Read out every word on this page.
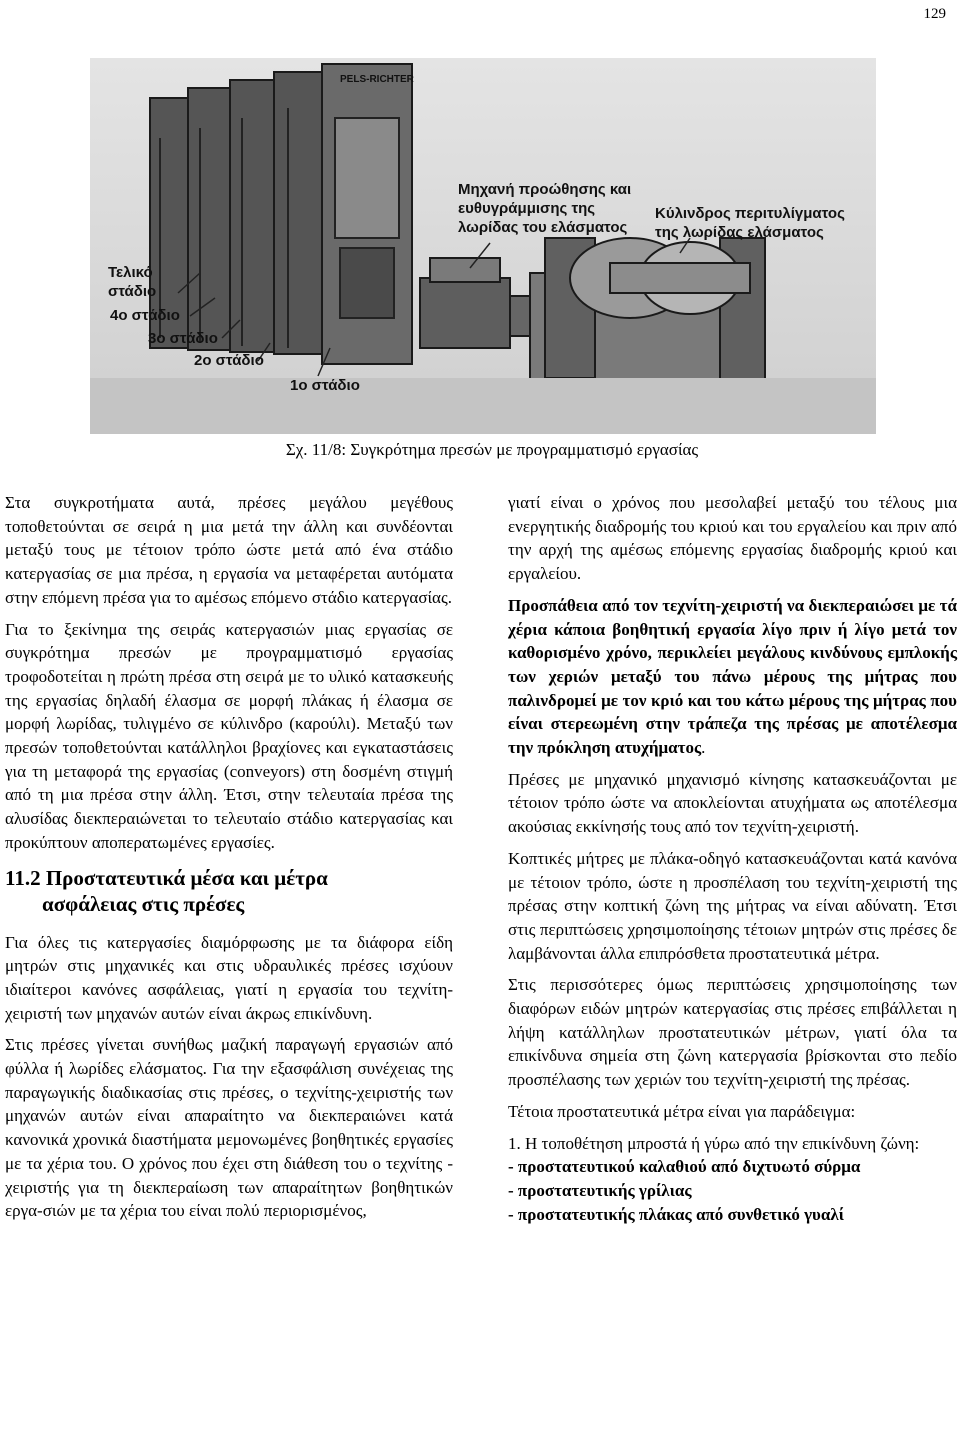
129
PELS-RICHTER
Τελικό
στάδιο
4ο στάδιο
3ο στάδιο
2ο στάδιο
1ο στάδιο
Μηχανή προώθησης και
ευθυγράμμισης της
λωρίδας του ελάσματος
Κύλινδρος περιτυλίγματος
της λωρίδας ελάσματος
Σχ. 11/8: Συγκρότημα πρεσών με προγραμματισμό εργασίας

Στα συγκροτήματα αυτά, πρέσες μεγάλου μεγέθους τοποθετούνται σε σειρά η μια μετά την άλλη και συνδέονται μεταξύ τους με τέτοιον τρόπο ώστε μετά από ένα στάδιο κατεργασίας σε μια πρέσα, η εργασία να μεταφέρεται αυτόματα στην επόμενη πρέσα για το αμέσως επόμενο στάδιο κατεργασίας.

Για το ξεκίνημα της σειράς κατεργασιών μιας εργασίας σε συγκρότημα πρεσών με προγραμματισμό εργασίας τροφοδοτείται η πρώτη πρέσα στη σειρά με το υλικό κατασκευής της εργασίας δηλαδή έλασμα σε μορφή πλάκας ή έλασμα σε μορφή λωρίδας, τυλιγμένο σε κύλινδρο (καρούλι). Μεταξύ των πρεσών τοποθετούνται κατάλληλοι βραχίονες και εγκαταστάσεις για τη μεταφορά της εργασίας (conveyors) στη δοσμένη στιγμή από τη μια πρέσα στην άλλη. Έτσι, στην τελευταία πρέσα της αλυσίδας διεκπεραιώνεται το τελευταίο στάδιο κατεργασίας και προκύπτουν αποπερατωμένες εργασίες.

11.2 Προστατευτικά μέσα και μέτρα
ασφάλειας στις πρέσες

Για όλες τις κατεργασίες διαμόρφωσης με τα διάφορα είδη μητρών στις μηχανικές και στις υδραυλικές πρέσες ισχύουν ιδιαίτεροι κανόνες ασφάλειας, γιατί η εργασία του τεχνίτη-χειριστή των μηχανών αυτών είναι άκρως επικίνδυνη.

Στις πρέσες γίνεται συνήθως μαζική παραγωγή εργασιών από φύλλα ή λωρίδες ελάσματος. Για την εξασφάλιση συνέχειας της παραγωγικής διαδικασίας στις πρέσες, ο τεχνίτης-χειριστής των μηχανών αυτών είναι απαραίτητο να διεκπεραιώνει κατά κανονικά χρονικά διαστήματα μεμονωμένες βοηθητικές εργασίες με τα χέρια του. Ο χρόνος που έχει στη διάθεση του ο τεχνίτης - χειριστής για τη διεκπεραίωση των απαραίτητων βοηθητικών εργα-σιών με τα χέρια του είναι πολύ περιορισμένος,

γιατί είναι ο χρόνος που μεσολαβεί μεταξύ του τέλους μια ενεργητικής διαδρομής του κριού και του εργαλείου και πριν από την αρχή της αμέσως επόμενης εργασίας διαδρομής κριού και εργαλείου.

Προσπάθεια από τον τεχνίτη-χειριστή να διεκπεραιώσει με τά χέρια κάποια βοηθητική εργασία λίγο πριν ή λίγο μετά τον καθορισμένο χρόνο, περικλείει μεγάλους κινδύνους εμπλοκής των χεριών μεταξύ του πάνω μέρους της μήτρας που παλινδρομεί με τον κριό και του κάτω μέρους της μήτρας που είναι στερεωμένη στην τράπεζα της πρέσας με αποτέλεσμα την πρόκληση ατυχήματος.

Πρέσες με μηχανικό μηχανισμό κίνησης κατασκευάζονται με τέτοιον τρόπο ώστε να αποκλείονται ατυχήματα ως αποτέλεσμα ακούσιας εκκίνησής τους από τον τεχνίτη-χειριστή.

Κοπτικές μήτρες με πλάκα-οδηγό κατασκευάζονται κατά κανόνα με τέτοιον τρόπο, ώστε η προσπέλαση του τεχνίτη-χειριστή της πρέσας στην κοπτική ζώνη της μήτρας να είναι αδύνατη. Έτσι στις περιπτώσεις χρησιμοποίησης τέτοιων μητρών στις πρέσες δε λαμβάνονται άλλα επιπρόσθετα προστατευτικά μέτρα.

Στις περισσότερες όμως περιπτώσεις χρησιμοποίησης των διαφόρων ειδών μητρών κατεργασίας στις πρέσες επιβάλλεται η λήψη κατάλληλων προστατευτικών μέτρων, γιατί όλα τα επικίνδυνα σημεία στη ζώνη κατεργασία βρίσκονται στο πεδίο προσπέλασης των χεριών του τεχνίτη-χειριστή της πρέσας.

Τέτοια προστατευτικά μέτρα είναι για παράδειγμα:

1. Η τοποθέτηση μπροστά ή γύρω από την επικίνδυνη ζώνη:

- προστατευτικού καλαθιού από διχτυωτό σύρμα
- προστατευτικής γρίλιας
- προστατευτικής πλάκας από συνθετικό γυαλί
